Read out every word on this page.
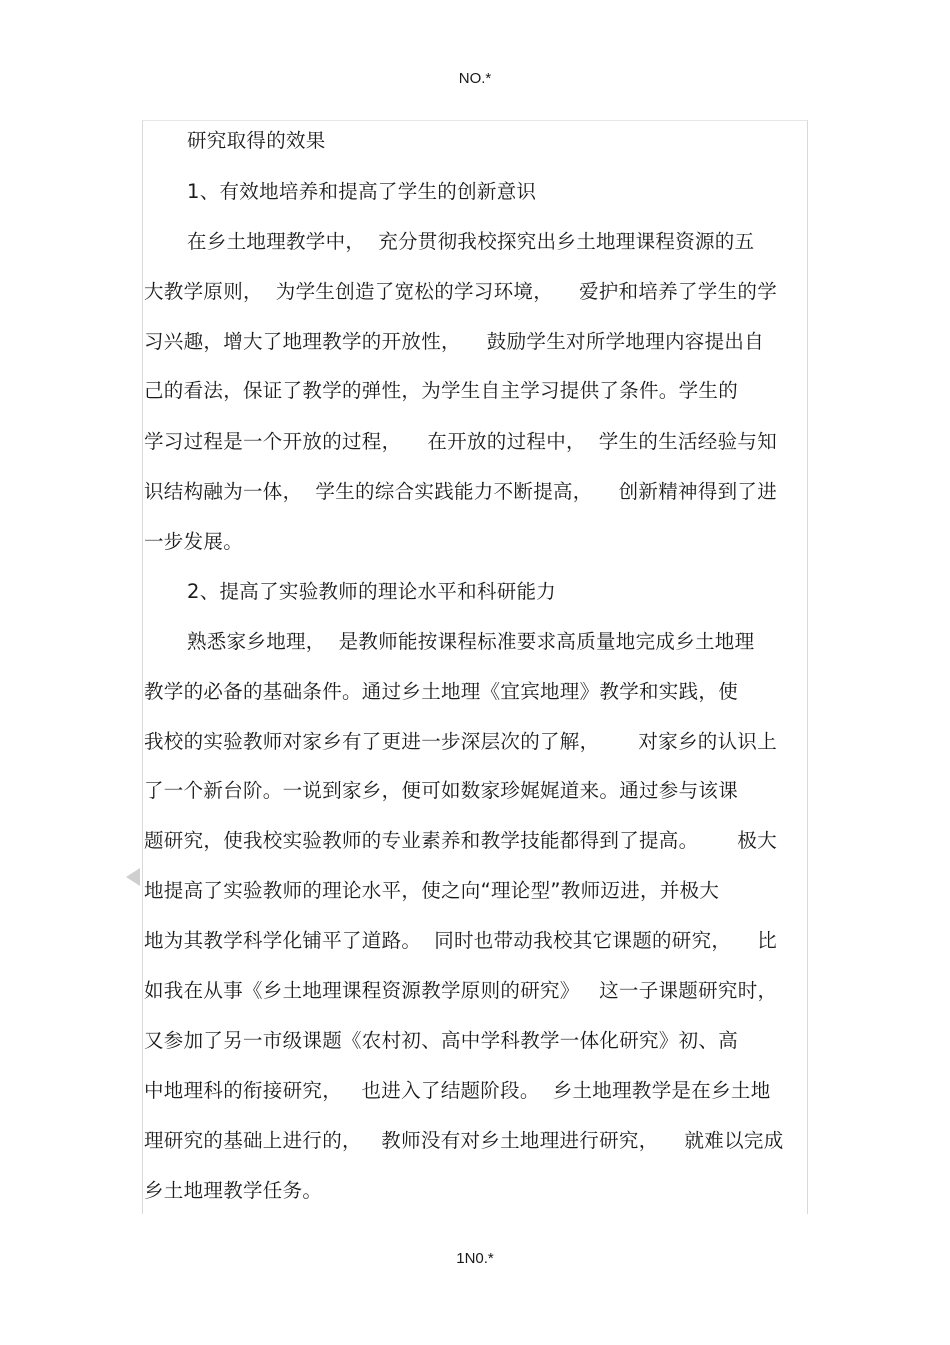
NO.*
研究取得的效果
1、有效地培养和提高了学生的创新意识
在乡土地理教学中，  充分贯彻我校探究出乡土地理课程资源的五
大教学原则，  为学生创造了宽松的学习环境，    爱护和培养了学生的学
习兴趣，增大了地理教学的开放性，    鼓励学生对所学地理内容提出自
己的看法，保证了教学的弹性，为学生自主学习提供了条件。学生的
学习过程是一个开放的过程，    在开放的过程中，  学生的生活经验与知
识结构融为一体，  学生的综合实践能力不断提高，    创新精神得到了进
一步发展。
2、提高了实验教师的理论水平和科研能力
熟悉家乡地理，  是教师能按课程标准要求高质量地完成乡土地理
教学的必备的基础条件。通过乡土地理《宜宾地理》教学和实践，使
我校的实验教师对家乡有了更进一步深层次的了解，      对家乡的认识上
了一个新台阶。一说到家乡，便可如数家珍娓娓道来。通过参与该课
题研究，使我校实验教师的专业素养和教学技能都得到了提高。      极大
地提高了实验教师的理论水平，使之向“理论型”教师迈进，并极大
地为其教学科学化铺平了道路。  同时也带动我校其它课题的研究，    比
如我在从事《乡土地理课程资源教学原则的研究》   这一子课题研究时，
又参加了另一市级课题《农村初、高中学科教学一体化研究》初、高
中地理科的衔接研究，   也进入了结题阶段。  乡土地理教学是在乡土地
理研究的基础上进行的，   教师没有对乡土地理进行研究，    就难以完成
乡土地理教学任务。
1N0.*
